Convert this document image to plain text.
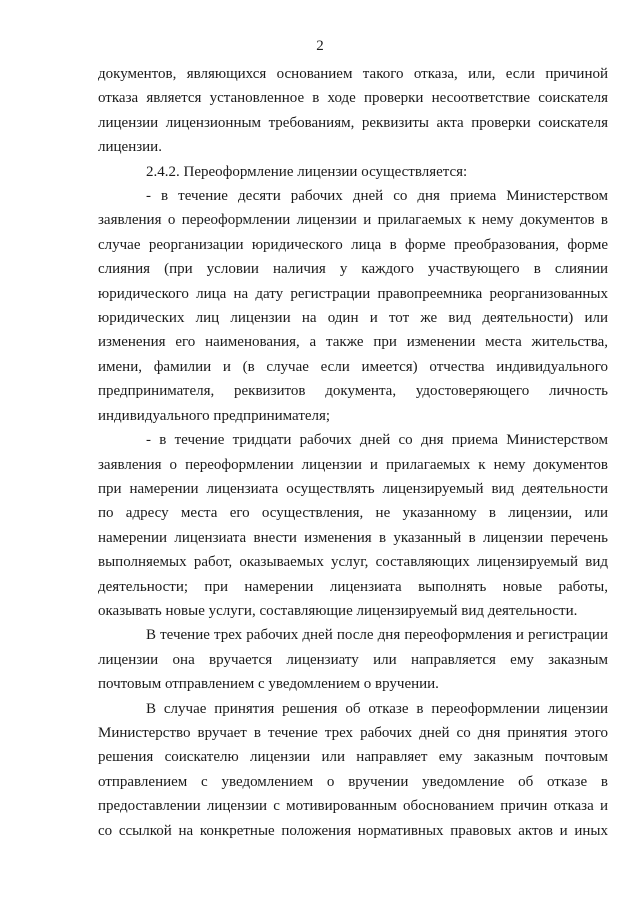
2

документов, являющихся основанием такого отказа, или, если причиной

отказа является установленное в ходе проверки несоответствие соискателя

лицензии лицензионным требованиям, реквизиты акта проверки соискателя

лицензии.

2.4.2. Переоформление лицензии осуществляется:

- в течение десяти рабочих дней со дня приема Министерством

заявления о переоформлении лицензии и прилагаемых к нему документов в

случае реорганизации юридического лица в форме преобразования, форме

слияния (при условии наличия у каждого участвующего в слиянии

юридического лица на дату регистрации правопреемника реорганизованных

юридических лиц лицензии на один и тот же вид деятельности) или

изменения его наименования, а также при изменении места жительства,

имени, фамилии и (в случае если имеется) отчества индивидуального

предпринимателя, реквизитов документа, удостоверяющего личность

индивидуального предпринимателя;

- в течение тридцати рабочих дней со дня приема Министерством

заявления о переоформлении лицензии и прилагаемых к нему документов

при намерении лицензиата осуществлять лицензируемый вид деятельности

по адресу места его осуществления, не указанному в лицензии, или

намерении лицензиата внести изменения в указанный в лицензии перечень

выполняемых работ, оказываемых услуг, составляющих лицензируемый вид

деятельности; при намерении лицензиата выполнять новые работы,

оказывать новые услуги, составляющие лицензируемый вид деятельности.

В течение трех рабочих дней после дня переоформления и регистрации

лицензии она вручается лицензиату или направляется ему заказным

почтовым отправлением с уведомлением о вручении.

В случае принятия решения об отказе в переоформлении лицензии

Министерство вручает в течение трех рабочих дней со дня принятия этого

решения соискателю лицензии или направляет ему заказным почтовым

отправлением с уведомлением о вручении уведомление об отказе в

предоставлении лицензии с мотивированным обоснованием причин отказа и

со ссылкой на конкретные положения нормативных правовых актов и иных
